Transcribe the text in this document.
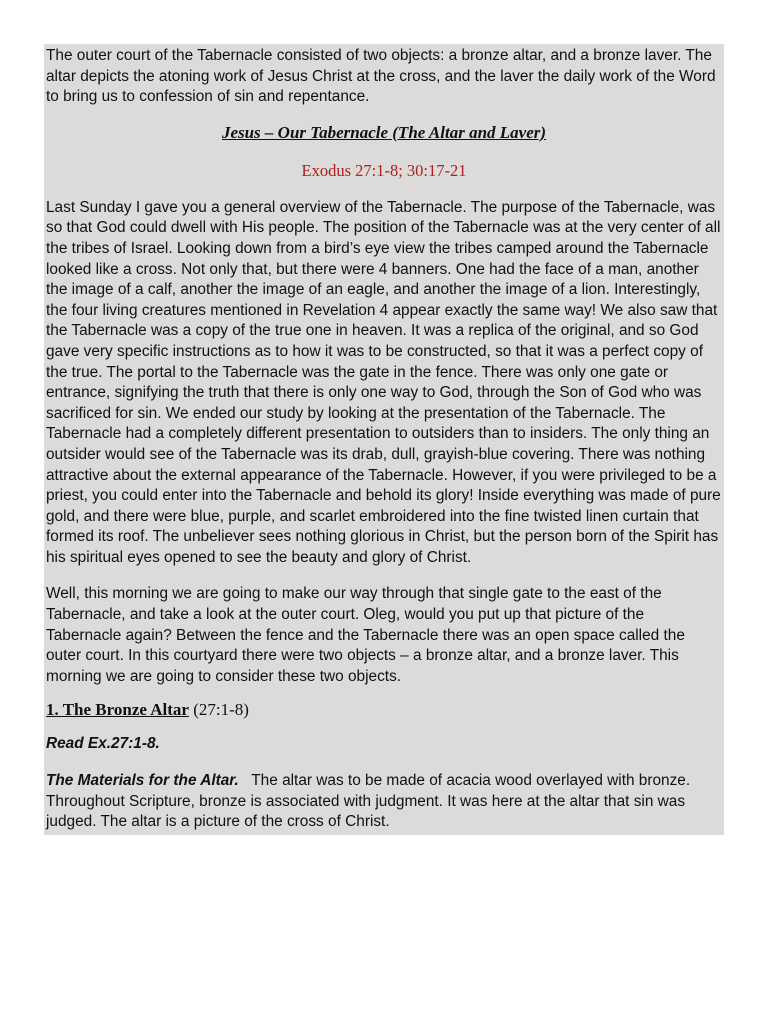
The outer court of the Tabernacle consisted of two objects: a bronze altar, and a bronze laver. The altar depicts the atoning work of Jesus Christ at the cross, and the laver the daily work of the Word to bring us to confession of sin and repentance.

Jesus – Our Tabernacle (The Altar and Laver)

Exodus 27:1-8; 30:17-21

Last Sunday I gave you a general overview of the Tabernacle. The purpose of the Tabernacle, was so that God could dwell with His people. The position of the Tabernacle was at the very center of all the tribes of Israel. Looking down from a bird’s eye view the tribes camped around the Tabernacle looked like a cross. Not only that, but there were 4 banners. One had the face of a man, another the image of a calf, another the image of an eagle, and another the image of a lion. Interestingly, the four living creatures mentioned in Revelation 4 appear exactly the same way! We also saw that the Tabernacle was a copy of the true one in heaven. It was a replica of the original, and so God gave very specific instructions as to how it was to be constructed, so that it was a perfect copy of the true. The portal to the Tabernacle was the gate in the fence. There was only one gate or entrance, signifying the truth that there is only one way to God, through the Son of God who was sacrificed for sin. We ended our study by looking at the presentation of the Tabernacle. The Tabernacle had a completely different presentation to outsiders than to insiders. The only thing an outsider would see of the Tabernacle was its drab, dull, grayish-blue covering. There was nothing attractive about the external appearance of the Tabernacle. However, if you were privileged to be a priest, you could enter into the Tabernacle and behold its glory! Inside everything was made of pure gold, and there were blue, purple, and scarlet embroidered into the fine twisted linen curtain that formed its roof. The unbeliever sees nothing glorious in Christ, but the person born of the Spirit has his spiritual eyes opened to see the beauty and glory of Christ.

Well, this morning we are going to make our way through that single gate to the east of the Tabernacle, and take a look at the outer court. Oleg, would you put up that picture of the Tabernacle again? Between the fence and the Tabernacle there was an open space called the outer court. In this courtyard there were two objects – a bronze altar, and a bronze laver. This morning we are going to consider these two objects.

1. The Bronze Altar (27:1-8)

Read Ex.27:1-8.

The Materials for the Altar.   The altar was to be made of acacia wood overlayed with bronze.  Throughout Scripture, bronze is associated with judgment. It was here at the altar that sin was judged. The altar is a picture of the cross of Christ.
